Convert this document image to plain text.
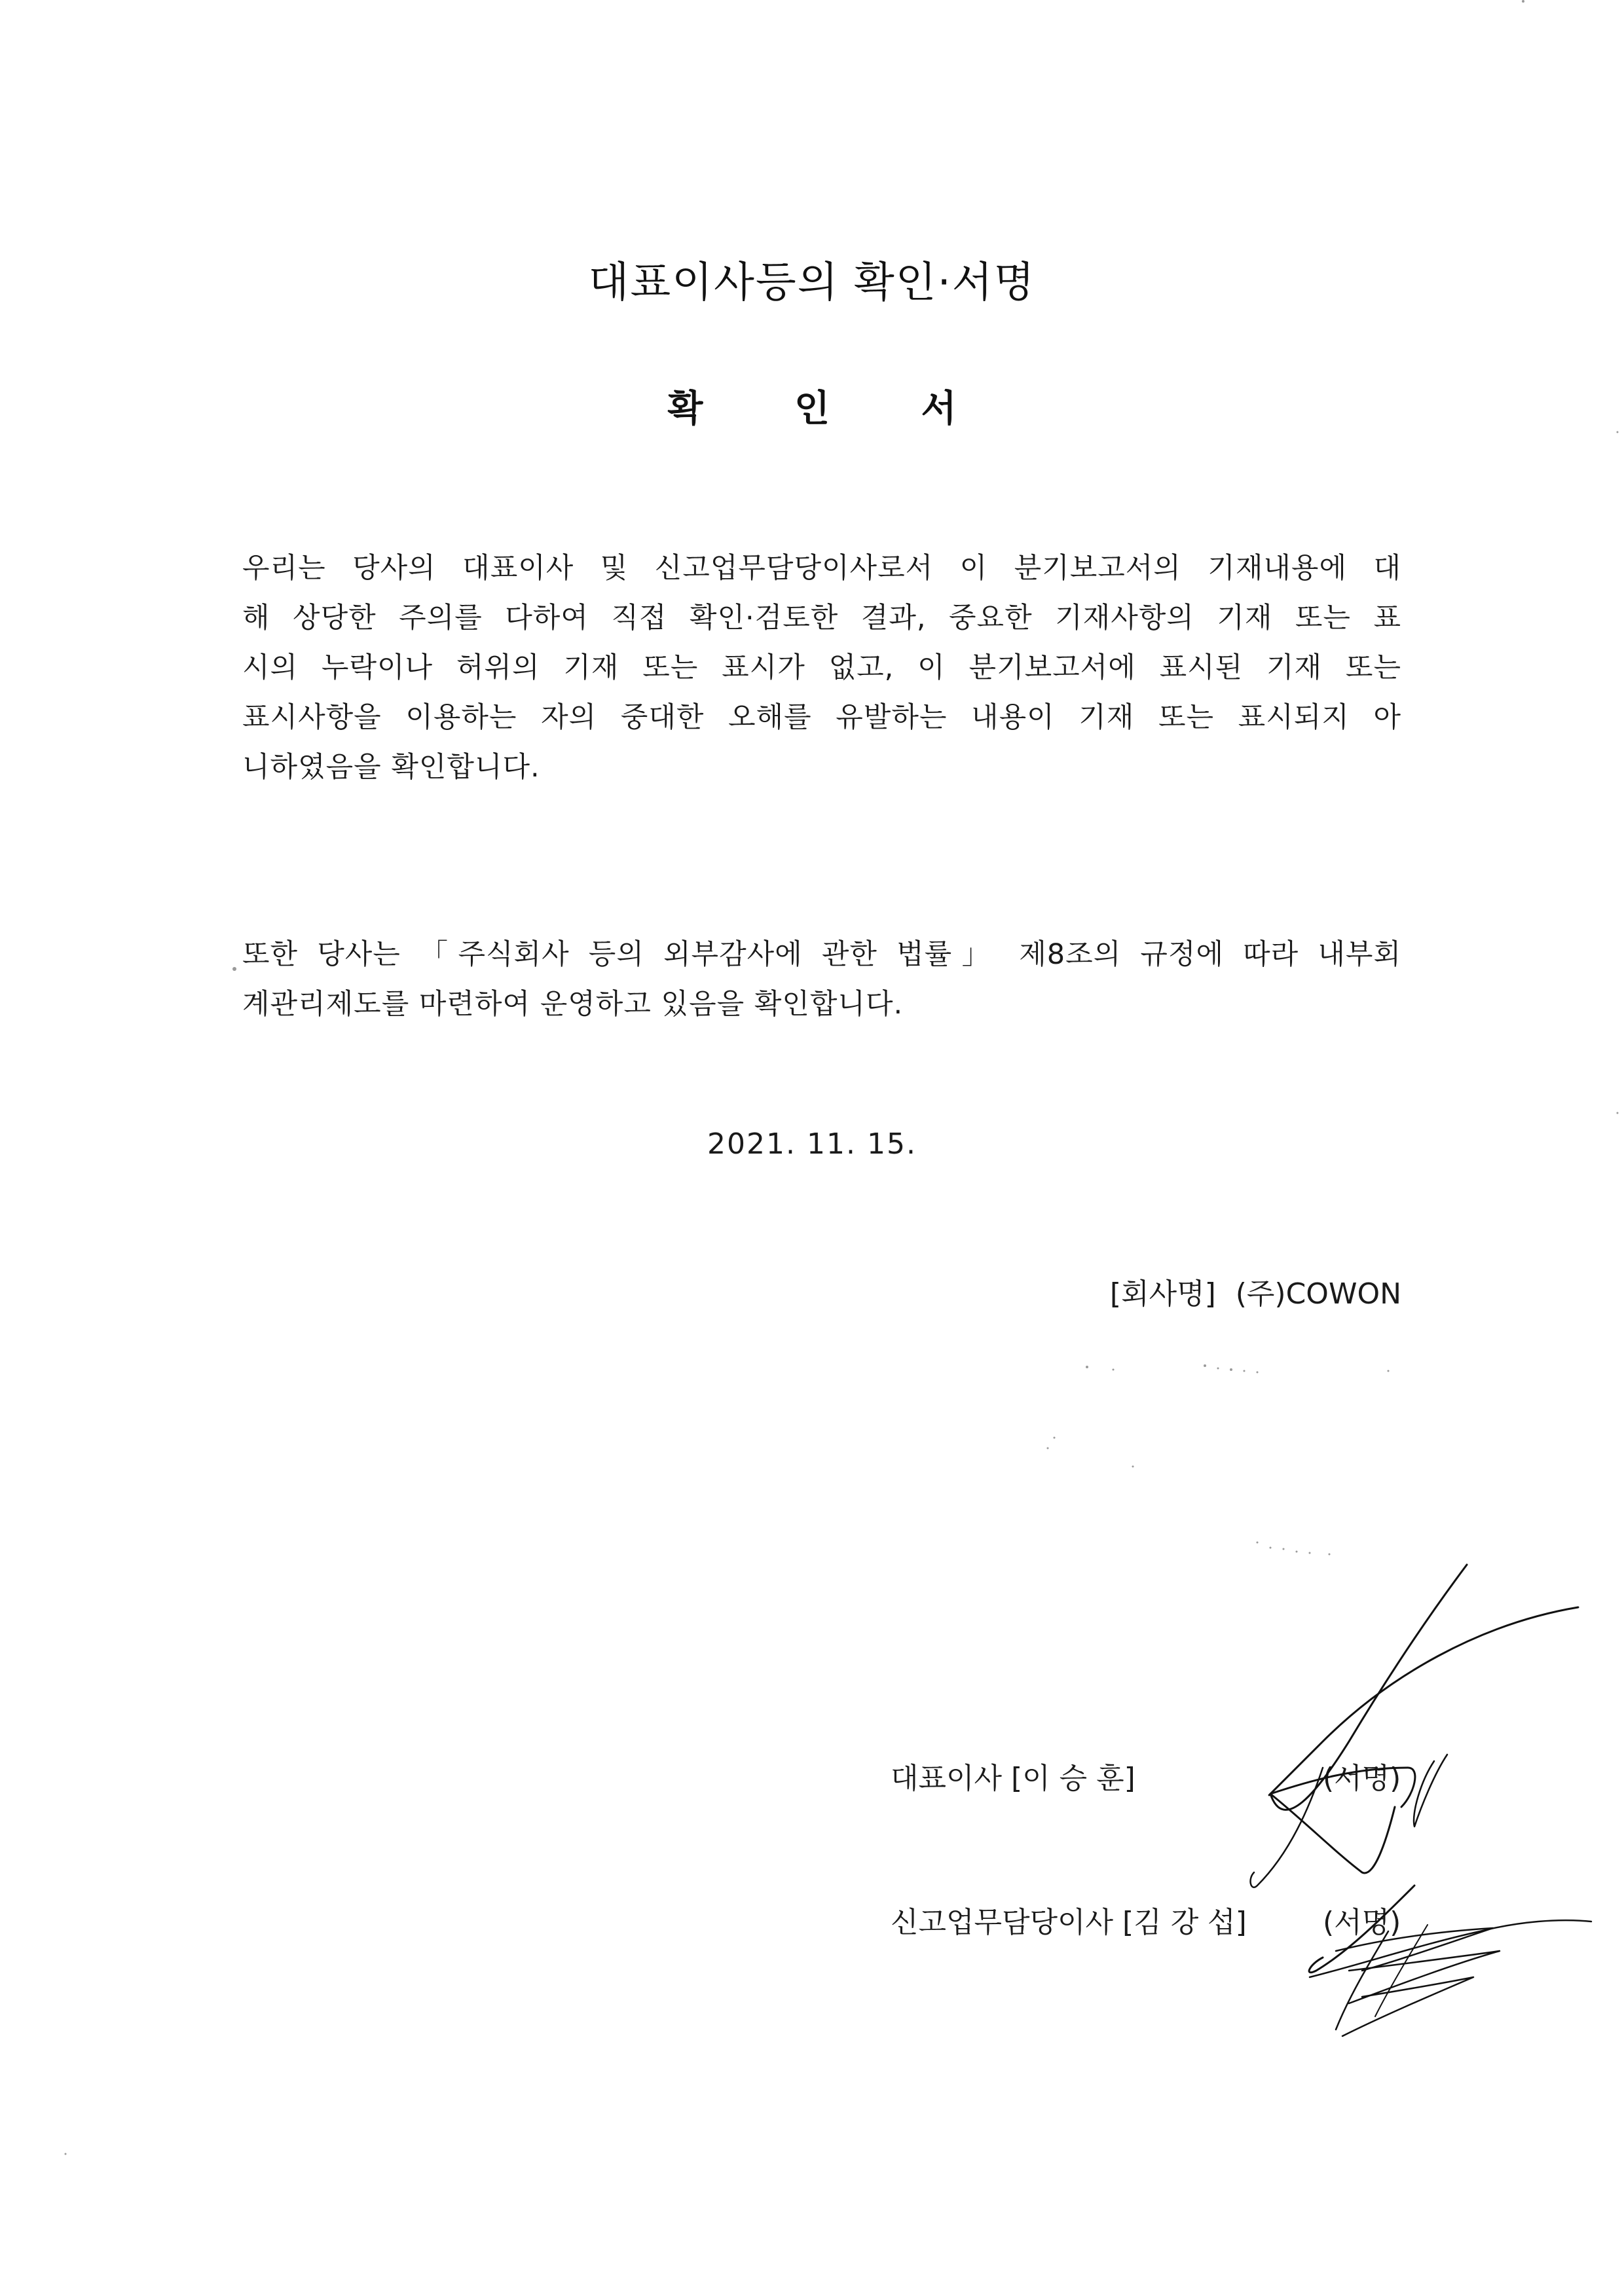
대표이사등의 확인·서명
확 인 서
우리는 당사의 대표이사 및 신고업무담당이사로서 이 분기보고서의 기재내용에 대
해 상당한 주의를 다하여 직접 확인·검토한 결과, 중요한 기재사항의 기재 또는 표
시의 누락이나 허위의 기재 또는 표시가 없고, 이 분기보고서에 표시된 기재 또는
표시사항을 이용하는 자의 중대한 오해를 유발하는 내용이 기재 또는 표시되지 아
니하였음을 확인합니다.
또한 당사는 「주식회사 등의 외부감사에 관한 법률」 제8조의 규정에 따라 내부회
계관리제도를 마련하여 운영하고 있음을 확인합니다.
2021. 11. 15.
[회사명] (주)COWON
대표이사 [이 승 훈]	(서명)
신고업무담당이사 [김 강 섭]	(서명)
